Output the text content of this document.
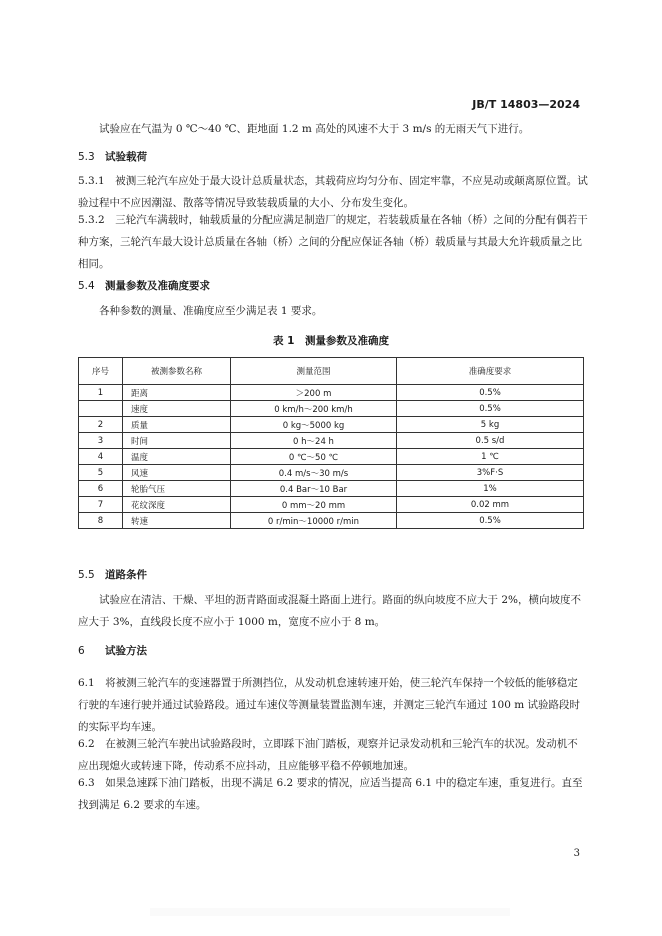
JB/T 14803—2024
试验应在气温为 0 ℃～40 ℃、距地面 1.2 m 高处的风速不大于 3 m/s 的无雨天气下进行。
5.3 试验载荷
5.3.1　被测三轮汽车应处于最大设计总质量状态，其载荷应均匀分布、固定牢靠，不应晃动或颠离原位置。试验过程中不应因潮湿、散落等情况导致装载质量的大小、分布发生变化。
5.3.2　三轮汽车满载时，轴载质量的分配应满足制造厂的规定，若装载质量在各轴（桥）之间的分配有偶若干种方案，三轮汽车最大设计总质量在各轴（桥）之间的分配应保证各轴（桥）载质量与其最大允许载质量之比相同。
5.4 测量参数及准确度要求
各种参数的测量、准确度应至少满足表 1 要求。
表 1　测量参数及准确度
序号	被测参数名称	测量范围	准确度要求
1	距离	＞200 m	0.5%
	速度	0 km/h～200 km/h	0.5%
2	质量	0 kg～5000 kg	5 kg
3	时间	0 h～24 h	0.5 s/d
4	温度	0 ℃～50 ℃	1 ℃
5	风速	0.4 m/s～30 m/s	3%F·S
6	轮胎气压	0.4 Bar～10 Bar	1%
7	花纹深度	0 mm～20 mm	0.02 mm
8	转速	0 r/min～10000 r/min	0.5%
5.5 道路条件
试验应在清洁、干燥、平坦的沥青路面或混凝土路面上进行。路面的纵向坡度不应大于 2%，横向坡度不应大于 3%，直线段长度不应小于 1000 m，宽度不应小于 8 m。
6 试验方法
6.1　将被测三轮汽车的变速器置于所测挡位，从发动机怠速转速开始，使三轮汽车保持一个较低的能够稳定行驶的车速行驶并通过试验路段。通过车速仪等测量装置监测车速，并测定三轮汽车通过 100 m 试验路段时的实际平均车速。
6.2　在被测三轮汽车驶出试验路段时，立即踩下油门踏板，观察并记录发动机和三轮汽车的状况。发动机不应出现熄火或转速下降，传动系不应抖动，且应能够平稳不停顿地加速。
6.3　如果急速踩下油门踏板，出现不满足 6.2 要求的情况，应适当提高 6.1 中的稳定车速，重复进行。直至找到满足 6.2 要求的车速。
3
